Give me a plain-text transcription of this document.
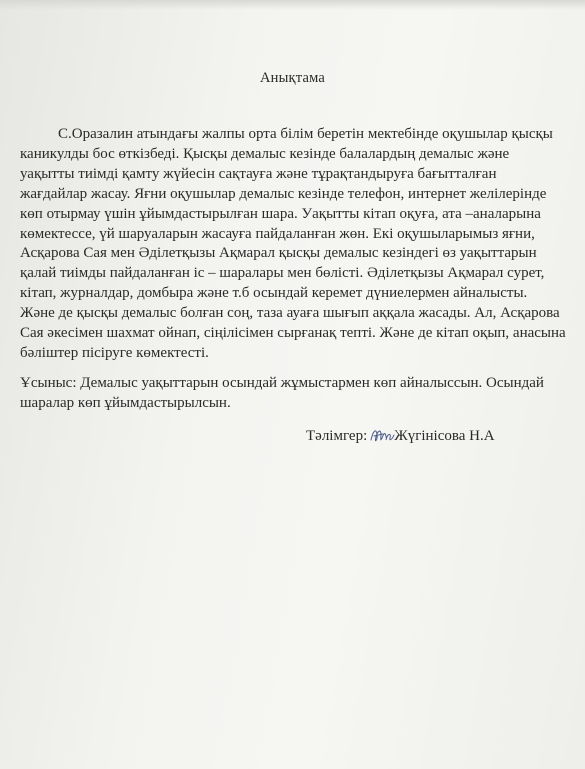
Анықтама
С.Оразалин атындағы жалпы орта білім беретін мектебінде оқушылар қысқы
каникулды бос өткізбеді. Қысқы демалыс кезінде балалардың демалыс және
уақытты тиімді қамту жүйесін сақтауға және тұрақтандыруға бағытталған
жағдайлар жасау. Яғни оқушылар демалыс кезінде телефон, интернет желілерінде
көп отырмау үшін ұйымдастырылған шара. Уақытты кітап оқуға, ата –аналарына
көмектессе, үй шаруаларын жасауға пайдаланған жөн. Екі оқушыларымыз яғни,
Асқарова Сая мен Әділетқызы Ақмарал қысқы демалыс кезіндегі өз уақыттарын
қалай тиімды пайдаланған іс – шаралары мен бөлісті. Әділетқызы Ақмарал сурет,
кітап, журналдар, домбыра және т.б осындай керемет дүниелермен айналысты.
Және де қысқы демалыс болған соң, таза ауаға шығып аққала жасады. Ал, Асқарова
Сая әкесімен шахмат ойнап, сіңілісімен сырғанақ тепті. Және де кітап оқып, анасына
бәліштер пісіруге көмектесті.
Ұсыныс: Демалыс уақыттарын осындай жұмыстармен көп айналыссын. Осындай
шаралар көп ұйымдастырылсын.
Тәлімгер: Жүгінісова Н.А
